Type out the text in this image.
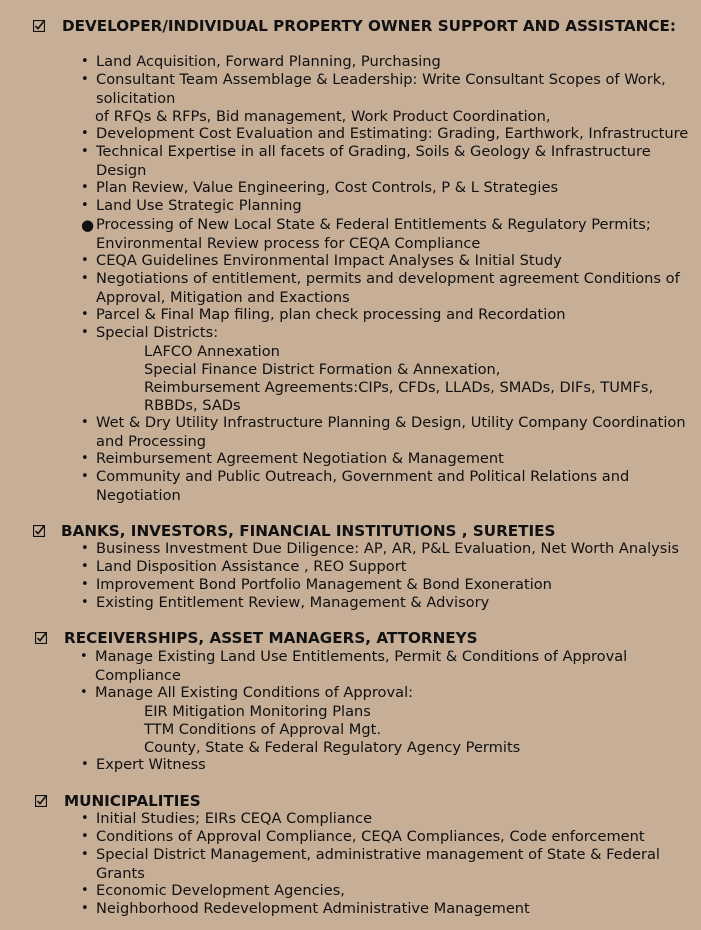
DEVELOPER/INDIVIDUAL PROPERTY OWNER SUPPORT AND ASSISTANCE:
• Land Acquisition, Forward Planning, Purchasing
• Consultant Team Assemblage & Leadership: Write Consultant Scopes of Work,
solicitation
of RFQs & RFPs, Bid management, Work Product Coordination,
• Development Cost Evaluation and Estimating: Grading, Earthwork, Infrastructure
• Technical Expertise in all facets of Grading, Soils & Geology & Infrastructure
Design
• Plan Review, Value Engineering, Cost Controls, P & L Strategies
• Land Use Strategic Planning
● Processing of New Local State & Federal Entitlements & Regulatory Permits;
Environmental Review process for CEQA Compliance
• CEQA Guidelines Environmental Impact Analyses & Initial Study
• Negotiations of entitlement, permits and development agreement Conditions of
Approval, Mitigation and Exactions
• Parcel & Final Map filing, plan check processing and Recordation
• Special Districts:
LAFCO Annexation
Special Finance District Formation & Annexation,
Reimbursement Agreements:CIPs, CFDs, LLADs, SMADs, DIFs, TUMFs,
RBBDs, SADs
• Wet & Dry Utility Infrastructure Planning & Design, Utility Company Coordination
and Processing
• Reimbursement Agreement Negotiation & Management
• Community and Public Outreach, Government and Political Relations and
Negotiation
BANKS, INVESTORS, FINANCIAL INSTITUTIONS , SURETIES
• Business Investment Due Diligence: AP, AR, P&L Evaluation, Net Worth Analysis
• Land Disposition Assistance , REO Support
• Improvement Bond Portfolio Management & Bond Exoneration
• Existing Entitlement Review, Management & Advisory
RECEIVERSHIPS, ASSET MANAGERS, ATTORNEYS
• Manage Existing Land Use Entitlements, Permit & Conditions of Approval
Compliance
• Manage All Existing Conditions of Approval:
EIR Mitigation Monitoring Plans
TTM Conditions of Approval Mgt.
County, State & Federal Regulatory Agency Permits
• Expert Witness
MUNICIPALITIES
• Initial Studies; EIRs CEQA Compliance
• Conditions of Approval Compliance, CEQA Compliances, Code enforcement
• Special District Management, administrative management of State & Federal
Grants
• Economic Development Agencies,
• Neighborhood Redevelopment Administrative Management
